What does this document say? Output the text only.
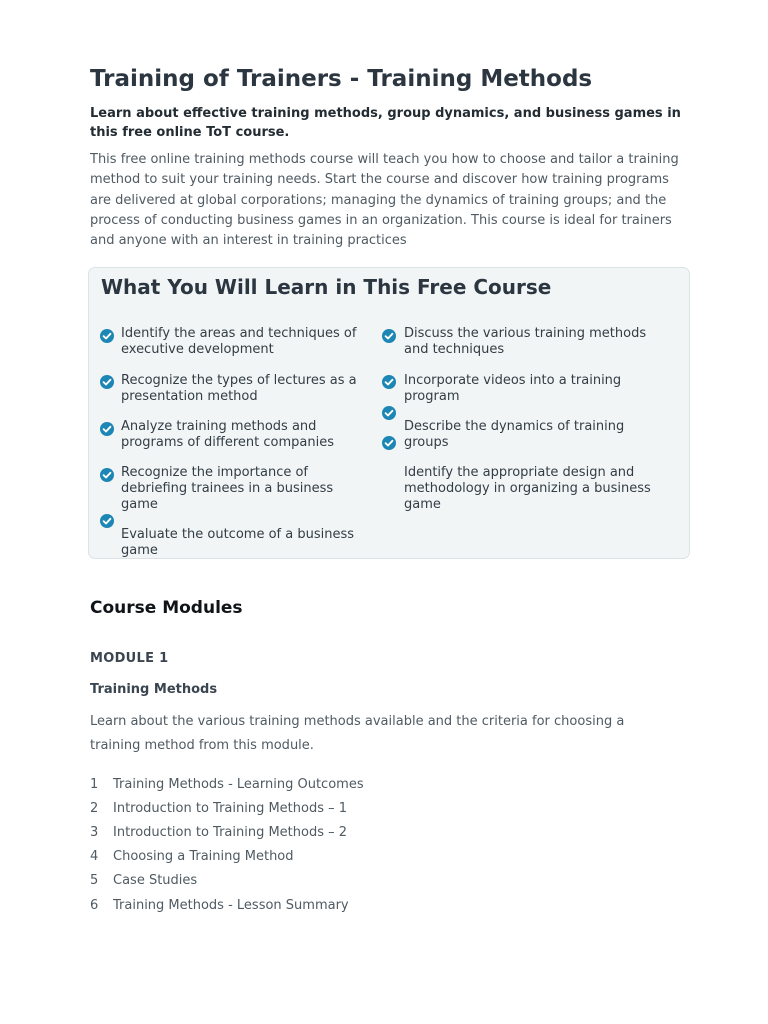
Training of Trainers - Training Methods

Learn about effective training methods, group dynamics, and business games in this free online ToT course.

This free online training methods course will teach you how to choose and tailor a training method to suit your training needs. Start the course and discover how training programs are delivered at global corporations; managing the dynamics of training groups; and the process of conducting business games in an organization. This course is ideal for trainers and anyone with an interest in training practices

What You Will Learn in This Free Course

Identify the areas and techniques of executive development

Recognize the types of lectures as a presentation method

Analyze training methods and programs of different companies

Recognize the importance of debriefing trainees in a business game

Evaluate the outcome of a business game

Discuss the various training methods and techniques

Incorporate videos into a training program

Describe the dynamics of training groups

Identify the appropriate design and methodology in organizing a business game

Course Modules
MODULE 1
Training Methods

Learn about the various training methods available and the criteria for choosing a training method from this module.

1 Training Methods - Learning Outcomes
2 Introduction to Training Methods – 1
3 Introduction to Training Methods – 2
4 Choosing a Training Method
5 Case Studies
6 Training Methods - Lesson Summary
